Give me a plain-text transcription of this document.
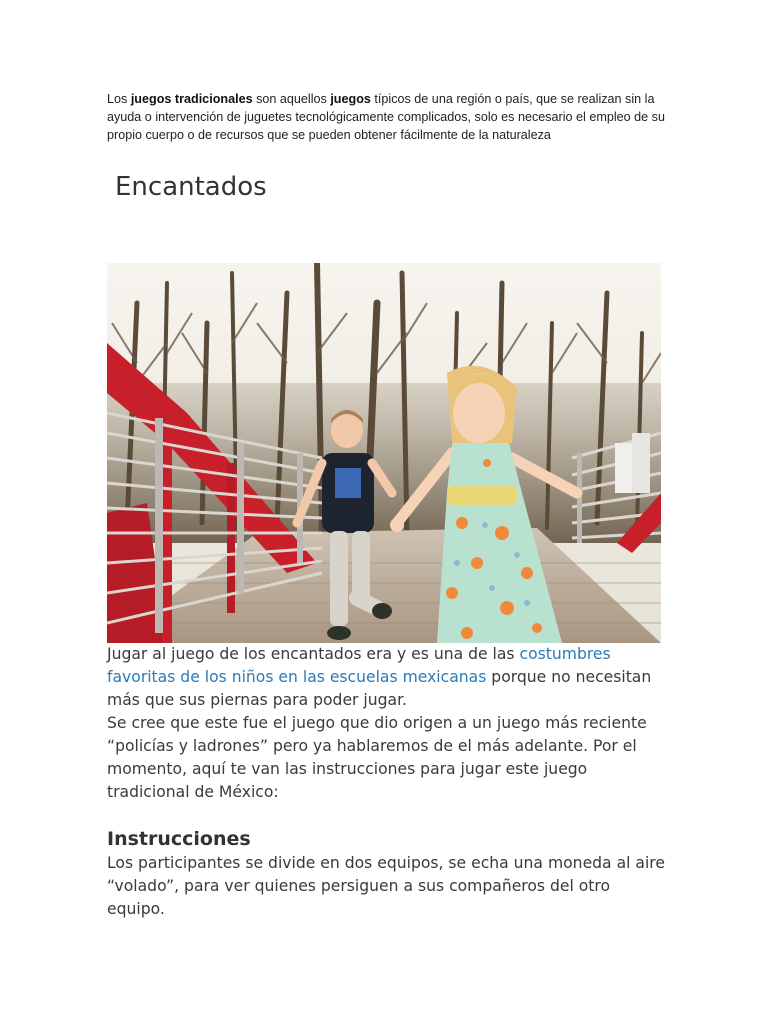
Los juegos tradicionales son aquellos juegos típicos de una región o país, que se realizan sin la ayuda o intervención de juguetes tecnológicamente complicados, solo es necesario el empleo de su propio cuerpo o de recursos que se pueden obtener fácilmente de la naturaleza
Encantados

Jugar al juego de los encantados era y es una de las costumbres favoritas de los niños en las escuelas mexicanas porque no necesitan más que sus piernas para poder jugar.

Se cree que este fue el juego que dio origen a un juego más reciente “policías y ladrones” pero ya hablaremos de el más adelante. Por el momento, aquí te van las instrucciones para jugar este juego tradicional de México:

Instrucciones

Los participantes se divide en dos equipos, se echa una moneda al aire “volado”, para ver quienes persiguen a sus compañeros del otro equipo.
